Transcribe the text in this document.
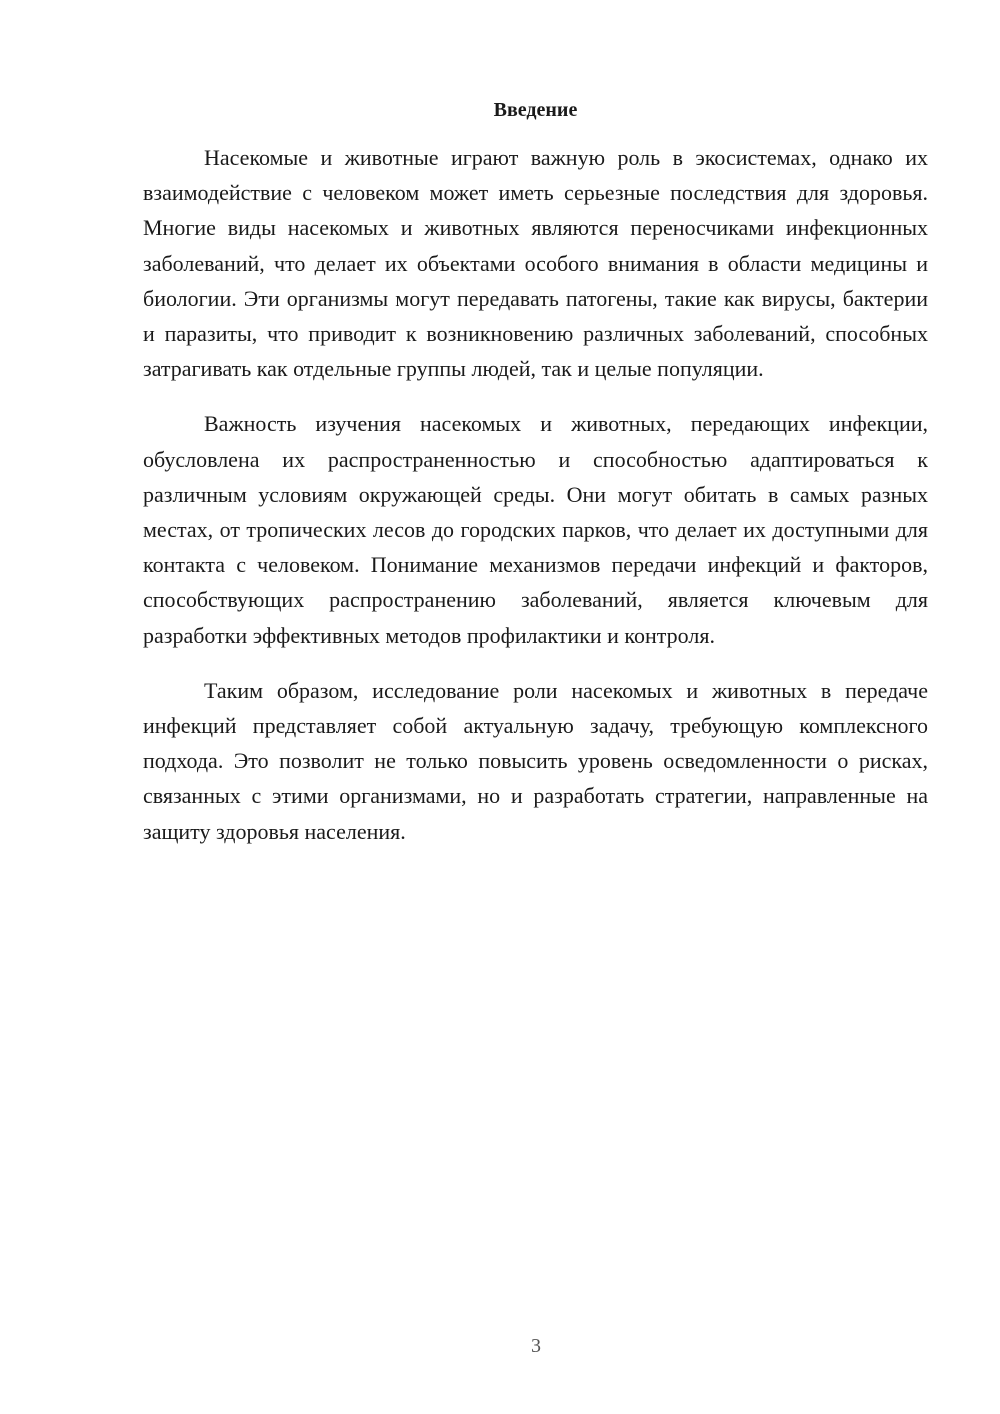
Введение

Насекомые и животные играют важную роль в экосистемах, однако их взаимодействие с человеком может иметь серьезные последствия для здоровья. Многие виды насекомых и животных являются переносчиками инфекционных заболеваний, что делает их объектами особого внимания в области медицины и биологии. Эти организмы могут передавать патогены, такие как вирусы, бактерии и паразиты, что приводит к возникновению различных заболеваний, способных затрагивать как отдельные группы людей, так и целые популяции.

Важность изучения насекомых и животных, передающих инфекции, обусловлена их распространенностью и способностью адаптироваться к различным условиям окружающей среды. Они могут обитать в самых разных местах, от тропических лесов до городских парков, что делает их доступными для контакта с человеком. Понимание механизмов передачи инфекций и факторов, способствующих распространению заболеваний, является ключевым для разработки эффективных методов профилактики и контроля.

Таким образом, исследование роли насекомых и животных в передаче инфекций представляет собой актуальную задачу, требующую комплексного подхода. Это позволит не только повысить уровень осведомленности о рисках, связанных с этими организмами, но и разработать стратегии, направленные на защиту здоровья населения.

3
